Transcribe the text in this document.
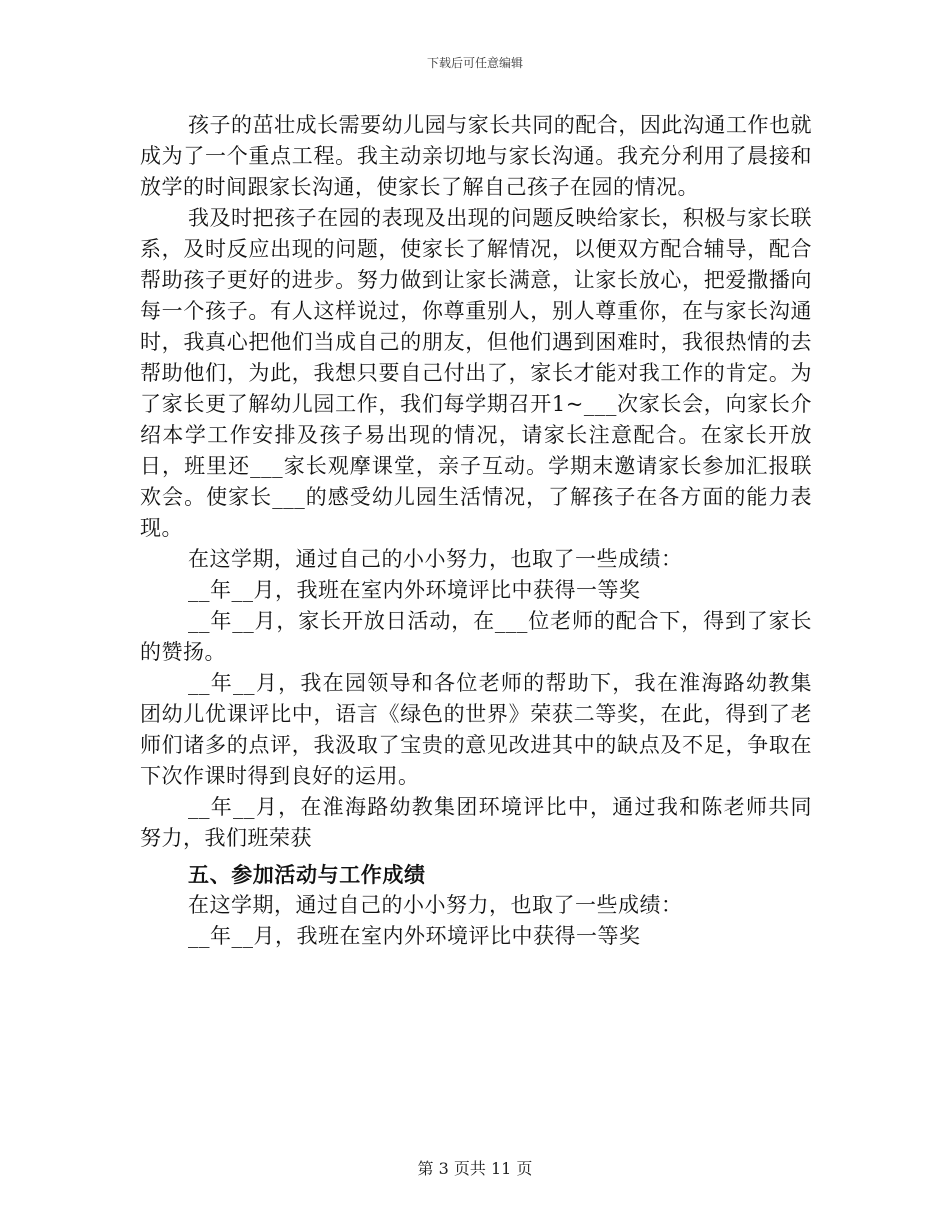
下载后可任意编辑

孩子的茁壮成长需要幼儿园与家长共同的配合，因此沟通工作也就成为了一个重点工程。我主动亲切地与家长沟通。我充分利用了晨接和放学的时间跟家长沟通，使家长了解自己孩子在园的情况。

我及时把孩子在园的表现及出现的问题反映给家长，积极与家长联系，及时反应出现的问题，使家长了解情况，以便双方配合辅导，配合帮助孩子更好的进步。努力做到让家长满意，让家长放心，把爱撒播向每一个孩子。有人这样说过，你尊重别人，别人尊重你，在与家长沟通时，我真心把他们当成自己的朋友，但他们遇到困难时，我很热情的去帮助他们，为此，我想只要自己付出了，家长才能对我工作的肯定。为了家长更了解幼儿园工作，我们每学期召开1~___次家长会，向家长介绍本学工作安排及孩子易出现的情况，请家长注意配合。在家长开放日，班里还___家长观摩课堂，亲子互动。学期末邀请家长参加汇报联欢会。使家长___的感受幼儿园生活情况，了解孩子在各方面的能力表现。

在这学期，通过自己的小小努力，也取了一些成绩：

__年__月，我班在室内外环境评比中获得一等奖

__年__月，家长开放日活动，在___位老师的配合下，得到了家长的赞扬。

__年__月，我在园领导和各位老师的帮助下，我在淮海路幼教集团幼儿优课评比中，语言《绿色的世界》荣获二等奖，在此，得到了老师们诸多的点评，我汲取了宝贵的意见改进其中的缺点及不足，争取在下次作课时得到良好的运用。

__年__月，在淮海路幼教集团环境评比中，通过我和陈老师共同努力，我们班荣获

五、参加活动与工作成绩

在这学期，通过自己的小小努力，也取了一些成绩：

__年__月，我班在室内外环境评比中获得一等奖

第 3 页共 11 页
